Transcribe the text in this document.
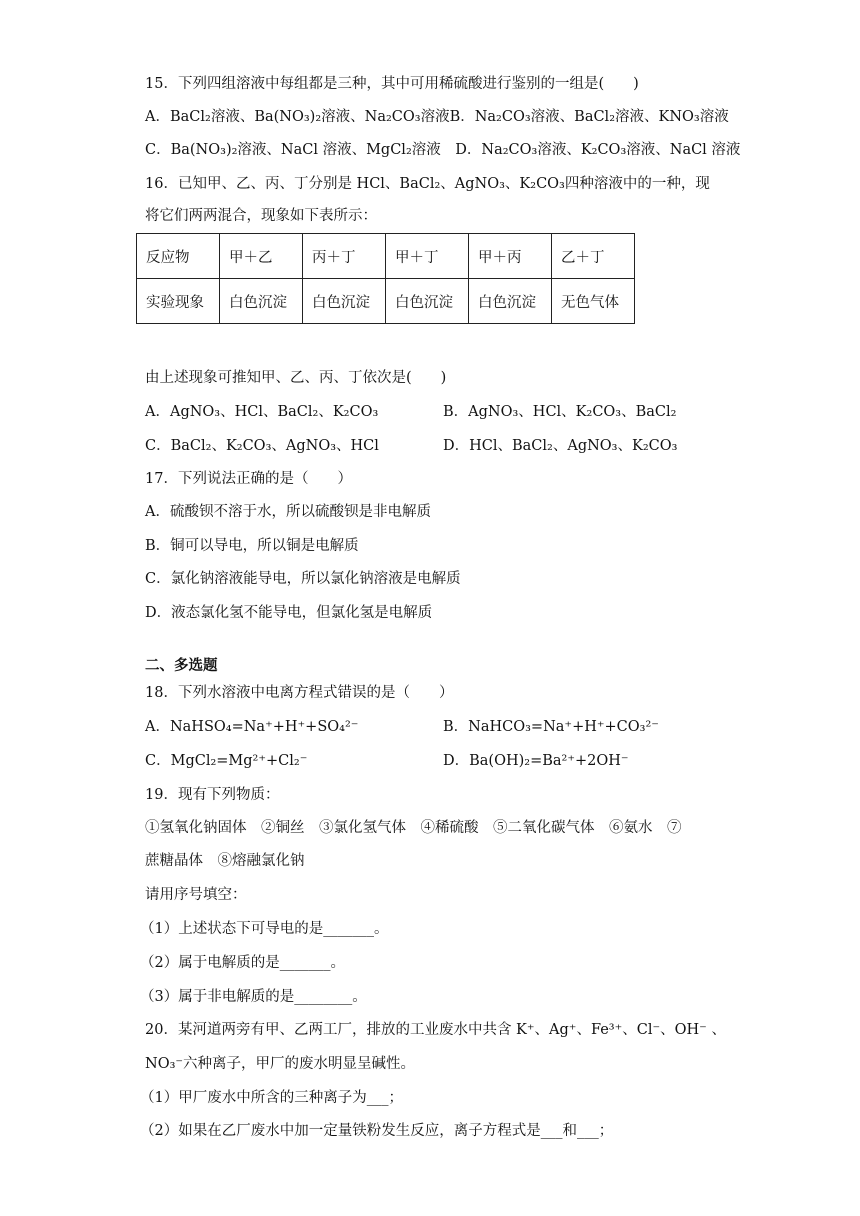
15．下列四组溶液中每组都是三种，其中可用稀硫酸进行鉴别的一组是(　　)
A．BaCl₂溶液、Ba(NO₃)₂溶液、Na₂CO₃溶液B．Na₂CO₃溶液、BaCl₂溶液、KNO₃溶液
C．Ba(NO₃)₂溶液、NaCl 溶液、MgCl₂溶液　D．Na₂CO₃溶液、K₂CO₃溶液、NaCl 溶液
16．已知甲、乙、丙、丁分别是 HCl、BaCl₂、AgNO₃、K₂CO₃四种溶液中的一种，现
将它们两两混合，现象如下表所示：
反应物	甲＋乙	丙＋丁	甲＋丁	甲＋丙	乙＋丁
实验现象	白色沉淀	白色沉淀	白色沉淀	白色沉淀	无色气体
由上述现象可推知甲、乙、丙、丁依次是(　　)
A．AgNO₃、HCl、BaCl₂、K₂CO₃	B．AgNO₃、HCl、K₂CO₃、BaCl₂
C．BaCl₂、K₂CO₃、AgNO₃、HCl	D．HCl、BaCl₂、AgNO₃、K₂CO₃
17．下列说法正确的是（　　）
A．硫酸钡不溶于水，所以硫酸钡是非电解质
B．铜可以导电，所以铜是电解质
C．氯化钠溶液能导电，所以氯化钠溶液是电解质
D．液态氯化氢不能导电，但氯化氢是电解质
二、多选题
18．下列水溶液中电离方程式错误的是（　　）
A．NaHSO₄=Na⁺+H⁺+SO₄²⁻	B．NaHCO₃=Na⁺+H⁺+CO₃²⁻
C．MgCl₂=Mg²⁺+Cl₂⁻	D．Ba(OH)₂=Ba²⁺+2OH⁻
19．现有下列物质：
①氢氧化钠固体　②铜丝　③氯化氢气体　④稀硫酸　⑤二氧化碳气体　⑥氨水　⑦
蔗糖晶体　⑧熔融氯化钠
请用序号填空：
（1）上述状态下可导电的是_______。
（2）属于电解质的是_______。
（3）属于非电解质的是________。
20．某河道两旁有甲、乙两工厂，排放的工业废水中共含 K⁺、Ag⁺、Fe³⁺、Cl⁻、OH⁻ 、
NO₃⁻六种离子，甲厂的废水明显呈碱性。
（1）甲厂废水中所含的三种离子为___；
（2）如果在乙厂废水中加一定量铁粉发生反应，离子方程式是___和___；
